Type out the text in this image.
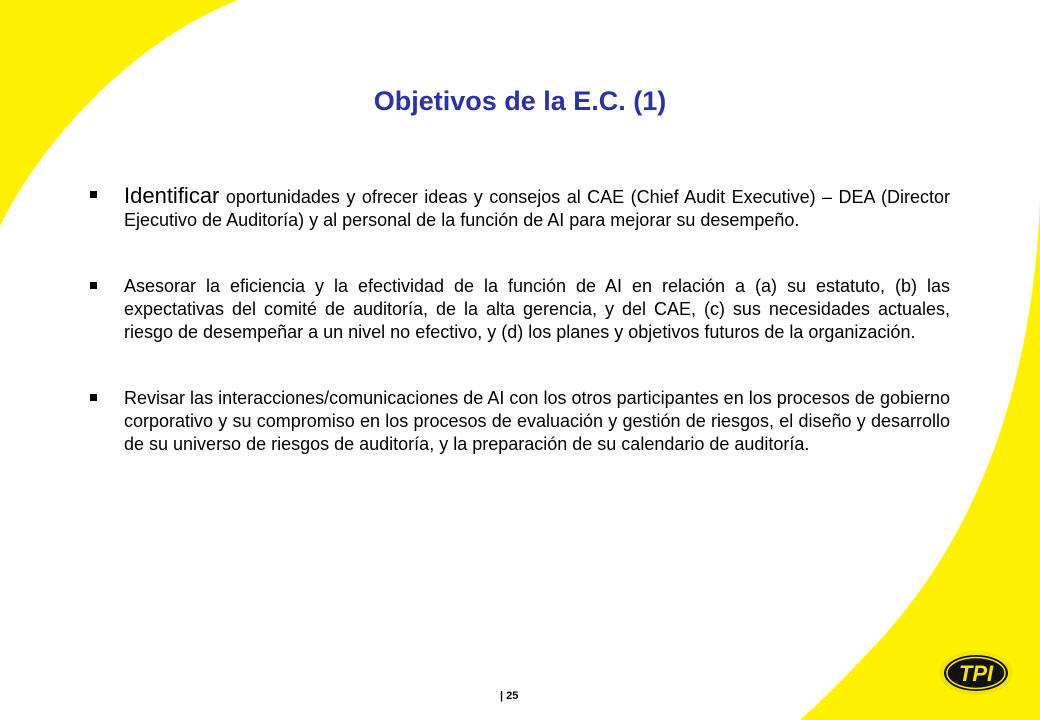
Objetivos de la E.C. (1)

Identificar oportunidades y ofrecer ideas y consejos al CAE (Chief Audit Executive) – DEA (Director Ejecutivo de Auditoría) y al personal de la función de AI para mejorar su desempeño.

Asesorar la eficiencia y la efectividad de la función de AI en relación a (a) su estatuto, (b) las expectativas del comité de auditoría, de la alta gerencia, y del CAE, (c) sus necesidades actuales, riesgo de desempeñar a un nivel no efectivo, y (d) los planes y objetivos futuros de la organización.

Revisar las interacciones/comunicaciones de AI con los otros participantes en los procesos de gobierno corporativo y su compromiso en los procesos de evaluación y gestión de riesgos, el diseño y desarrollo de su universo de riesgos de auditoría, y la preparación de su calendario de auditoría.

| 25
TPI
